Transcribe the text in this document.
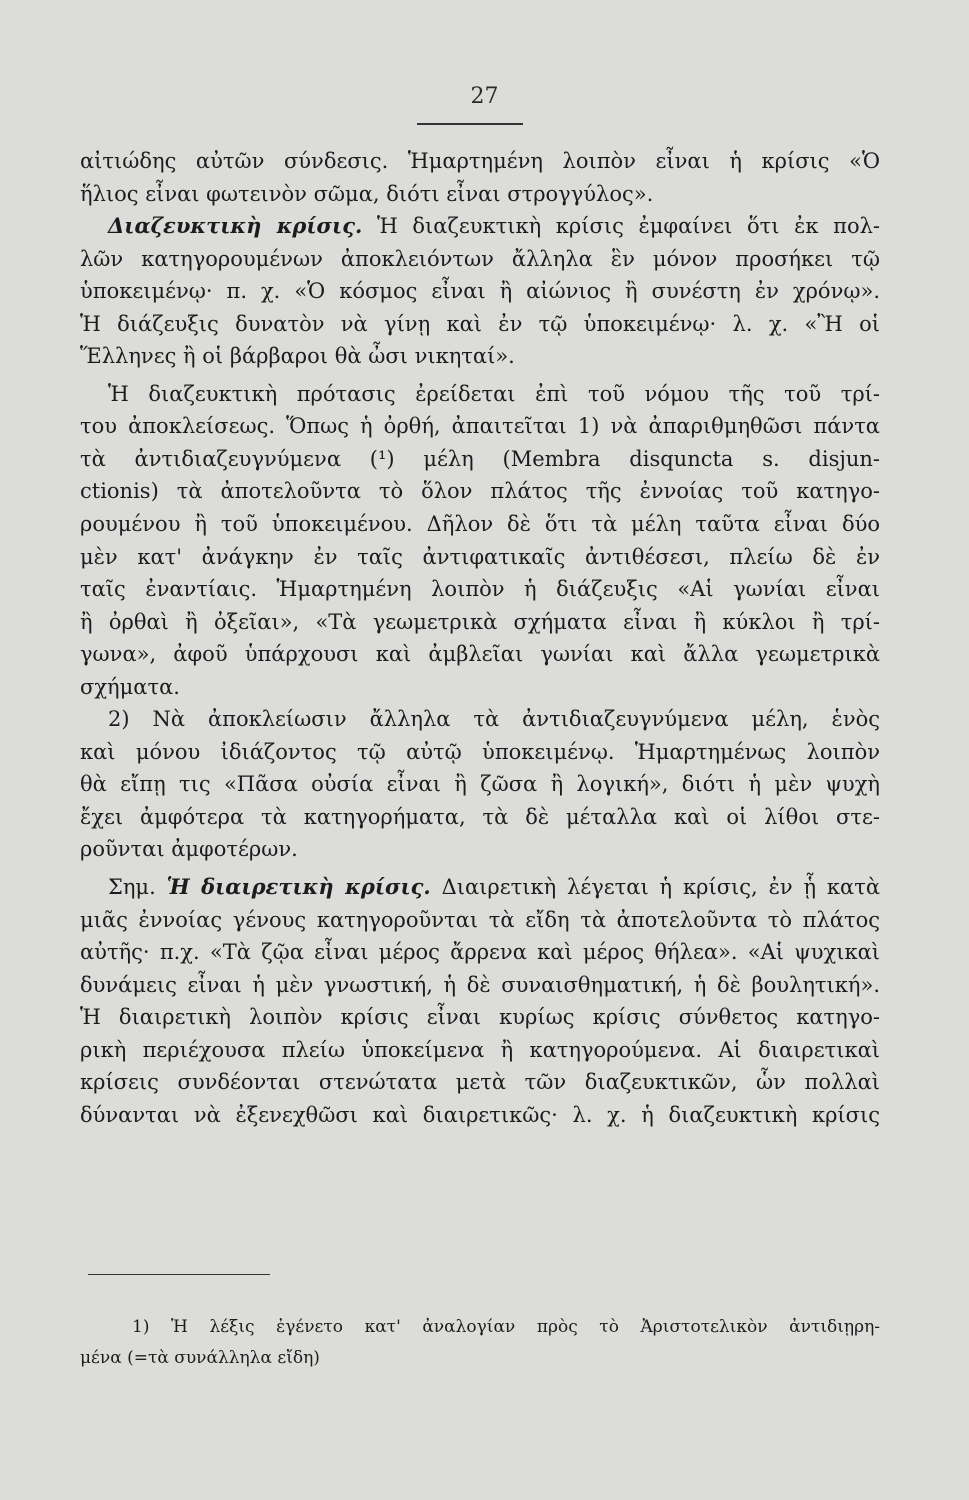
27
αἰτιώδης αὐτῶν σύνδεσις. Ἡμαρτημένη λοιπὸν εἶναι ἡ κρίσις «Ὁ
ἥλιος εἶναι φωτεινὸν σῶμα, διότι εἶναι στρογγύλος».
Διαζευκτικὴ κρίσις. Ἡ διαζευκτικὴ κρίσις ἐμφαίνει ὅτι ἐκ πολ-
λῶν κατηγορουμένων ἀποκλειόντων ἄλληλα ἓν μόνον προσήκει τῷ
ὑποκειμένῳ· π. χ. «Ὁ κόσμος εἶναι ἢ αἰώνιος ἢ συνέστη ἐν χρόνῳ».
Ἡ διάζευξις δυνατὸν νὰ γίνῃ καὶ ἐν τῷ ὑποκειμένῳ· λ. χ. «Ἢ οἱ
Ἕλληνες ἢ οἱ βάρβαροι θὰ ὦσι νικηταί».
Ἡ διαζευκτικὴ πρότασις ἐρείδεται ἐπὶ τοῦ νόμου τῆς τοῦ τρί-
του ἀποκλείσεως. Ὅπως ἡ ὀρθή, ἀπαιτεῖται 1) νὰ ἀπαριθμηθῶσι πάντα
τὰ ἀντιδιαζευγνύμενα (¹) μέλη (Membra disquncta s. disjun-
ctionis) τὰ ἀποτελοῦντα τὸ ὅλον πλάτος τῆς ἐννοίας τοῦ κατηγο-
ρουμένου ἢ τοῦ ὑποκειμένου. Δῆλον δὲ ὅτι τὰ μέλη ταῦτα εἶναι δύο
μὲν κατ' ἀνάγκην ἐν ταῖς ἀντιφατικαῖς ἀντιθέσεσι, πλείω δὲ ἐν
ταῖς ἐναντίαις. Ἡμαρτημένη λοιπὸν ἡ διάζευξις «Αἱ γωνίαι εἶναι
ἢ ὀρθαὶ ἢ ὀξεῖαι», «Τὰ γεωμετρικὰ σχήματα εἶναι ἢ κύκλοι ἢ τρί-
γωνα», ἀφοῦ ὑπάρχουσι καὶ ἀμβλεῖαι γωνίαι καὶ ἄλλα γεωμετρικὰ
σχήματα.
2) Νὰ ἀποκλείωσιν ἄλληλα τὰ ἀντιδιαζευγνύμενα μέλη, ἑνὸς
καὶ μόνου ἰδιάζοντος τῷ αὐτῷ ὑποκειμένῳ. Ἡμαρτημένως λοιπὸν
θὰ εἴπῃ τις «Πᾶσα οὐσία εἶναι ἢ ζῶσα ἢ λογική», διότι ἡ μὲν ψυχὴ
ἔχει ἀμφότερα τὰ κατηγορήματα, τὰ δὲ μέταλλα καὶ οἱ λίθοι στε-
ροῦνται ἀμφοτέρων.
Σημ. Ἡ διαιρετικὴ κρίσις. Διαιρετικὴ λέγεται ἡ κρίσις, ἐν ᾗ κατὰ
μιᾶς ἐννοίας γένους κατηγοροῦνται τὰ εἴδη τὰ ἀποτελοῦντα τὸ πλάτος
αὐτῆς· π.χ. «Τὰ ζῷα εἶναι μέρος ἄρρενα καὶ μέρος θήλεα». «Αἱ ψυχικαὶ
δυνάμεις εἶναι ἡ μὲν γνωστική, ἡ δὲ συναισθηματική, ἡ δὲ βουλητική».
Ἡ διαιρετικὴ λοιπὸν κρίσις εἶναι κυρίως κρίσις σύνθετος κατηγο-
ρικὴ περιέχουσα πλείω ὑποκείμενα ἢ κατηγορούμενα. Αἱ διαιρετικαὶ
κρίσεις συνδέονται στενώτατα μετὰ τῶν διαζευκτικῶν, ὧν πολλαὶ
δύνανται νὰ ἐξενεχθῶσι καὶ διαιρετικῶς· λ. χ. ἡ διαζευκτικὴ κρίσις
1) Ἡ λέξις ἐγένετο κατ' ἀναλογίαν πρὸς τὸ Ἀριστοτελικὸν ἀντιδιῃρη-
μένα (=τὰ συνάλληλα εἴδη)
